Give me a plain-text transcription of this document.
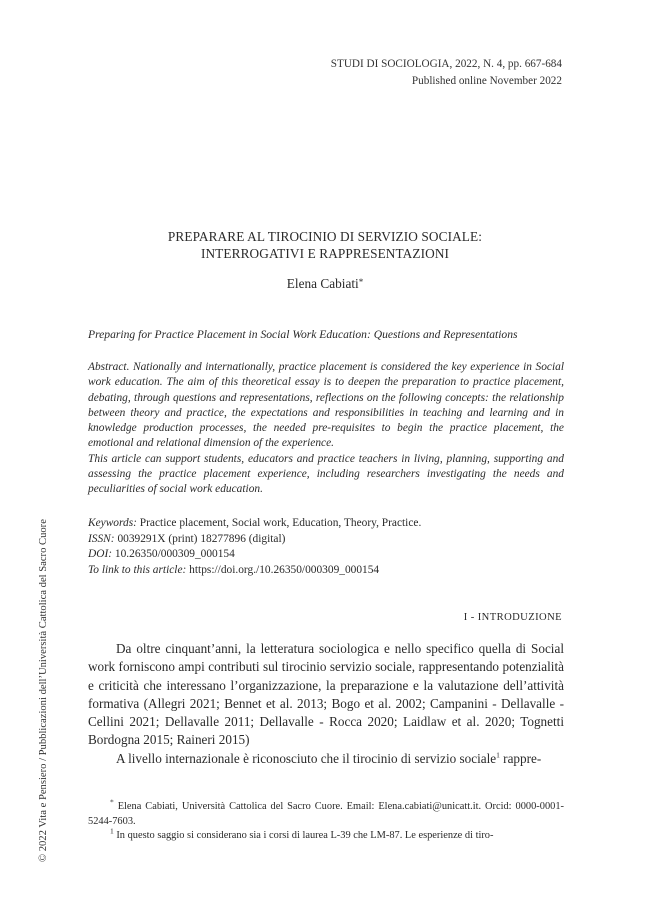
STUDI DI SOCIOLOGIA, 2022, N. 4, pp. 667-684
Published online November 2022
PREPARARE AL TIROCINIO DI SERVIZIO SOCIALE:
INTERROGATIVI E RAPPRESENTAZIONI
Elena Cabiati*
Preparing for Practice Placement in Social Work Education: Questions and Representations

Abstract. Nationally and internationally, practice placement is considered the key experience in Social work education. The aim of this theoretical essay is to deepen the preparation to practice placement, debating, through questions and representations, reflections on the following concepts: the relationship between theory and practice, the expectations and responsibilities in teaching and learning and in knowledge production processes, the needed pre-requisites to begin the practice placement, the emotional and relational dimension of the experience.

This article can support students, educators and practice teachers in living, planning, supporting and assessing the practice placement experience, including researchers investigating the needs and peculiarities of social work education.

Keywords: Practice placement, Social work, Education, Theory, Practice.
ISSN: 0039291X (print) 18277896 (digital)
DOI: 10.26350/000309_000154
To link to this article: https://doi.org./10.26350/000309_000154
I - INTRODUZIONE

Da oltre cinquant’anni, la letteratura sociologica e nello specifico quella di Social work forniscono ampi contributi sul tirocinio servizio sociale, rappresentando potenzialità e criticità che interessano l’organizzazione, la preparazione e la valutazione dell’attività formativa (Allegri 2021; Bennet et al. 2013; Bogo et al. 2002; Campanini - Dellavalle - Cellini 2021; Dellavalle 2011; Dellavalle - Rocca 2020; Laidlaw et al. 2020; Tognetti Bordogna 2015; Raineri 2015)

A livello internazionale è riconosciuto che il tirocinio di servizio sociale$^1$ rappre-

* Elena Cabiati, Università Cattolica del Sacro Cuore. Email: Elena.cabiati@unicatt.it. Orcid: 0000-0001-5244-7603.

$^1$ In questo saggio si considerano sia i corsi di laurea L-39 che LM-87. Le esperienze di tiro-

© 2022 Vita e Pensiero / Pubblicazioni dell’Università Cattolica del Sacro Cuore
